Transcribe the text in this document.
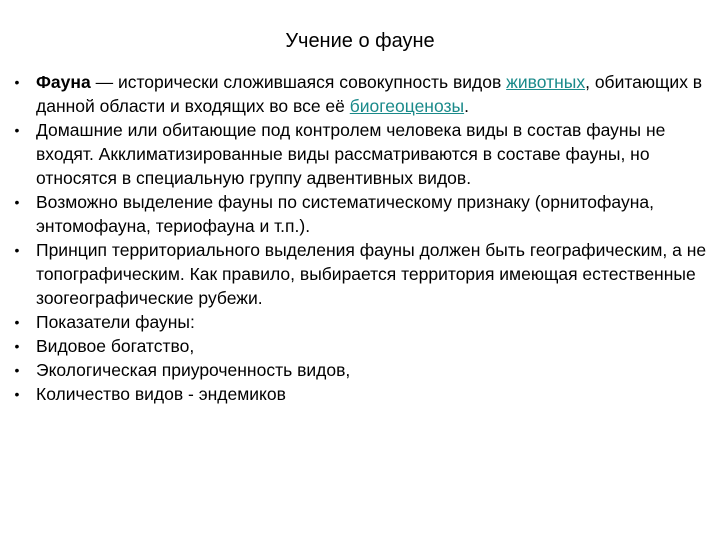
Учение о фауне
• Фауна — исторически сложившаяся совокупность видов животных, обитающих в данной области и входящих во все её биогеоценозы.
• Домашние или обитающие под контролем человека виды в состав фауны не входят. Акклиматизированные виды рассматриваются в составе фауны, но относятся в специальную группу адвентивных видов.
• Возможно выделение фауны по систематическому признаку (орнитофауна, энтомофауна, териофауна и т.п.).
• Принцип территориального выделения фауны должен быть географическим, а не топографическим. Как правило, выбирается территория имеющая естественные зоогеографические рубежи.
• Показатели фауны:
• Видовое богатство,
• Экологическая приуроченность видов,
• Количество видов - эндемиков
